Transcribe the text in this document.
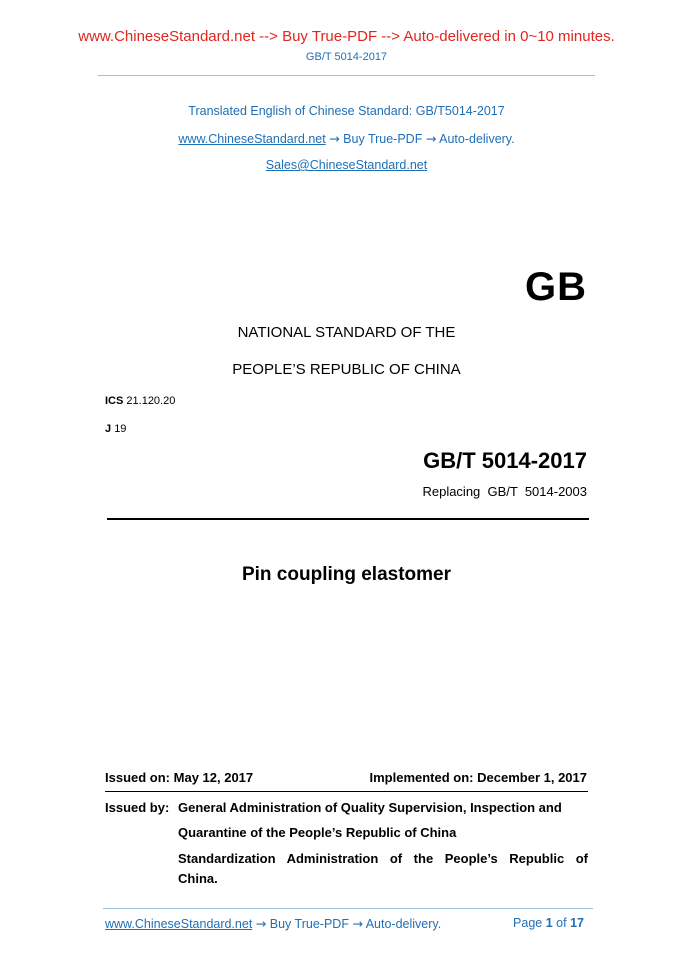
www.ChineseStandard.net --> Buy True-PDF --> Auto-delivered in 0~10 minutes.
GB/T 5014-2017
Translated English of Chinese Standard: GB/T5014-2017
www.ChineseStandard.net → Buy True-PDF → Auto-delivery.
Sales@ChineseStandard.net
GB
NATIONAL STANDARD OF THE
PEOPLE’S REPUBLIC OF CHINA
ICS 21.120.20
J 19
GB/T 5014-2017
Replacing  GB/T  5014-2003
Pin coupling elastomer
Issued on: May 12, 2017	Implemented on: December 1, 2017
Issued by: General Administration of Quality Supervision, Inspection and
Quarantine of the People’s Republic of China
Standardization Administration of the People’s Republic of
China.
www.ChineseStandard.net → Buy True-PDF → Auto-delivery.	Page 1 of 17
